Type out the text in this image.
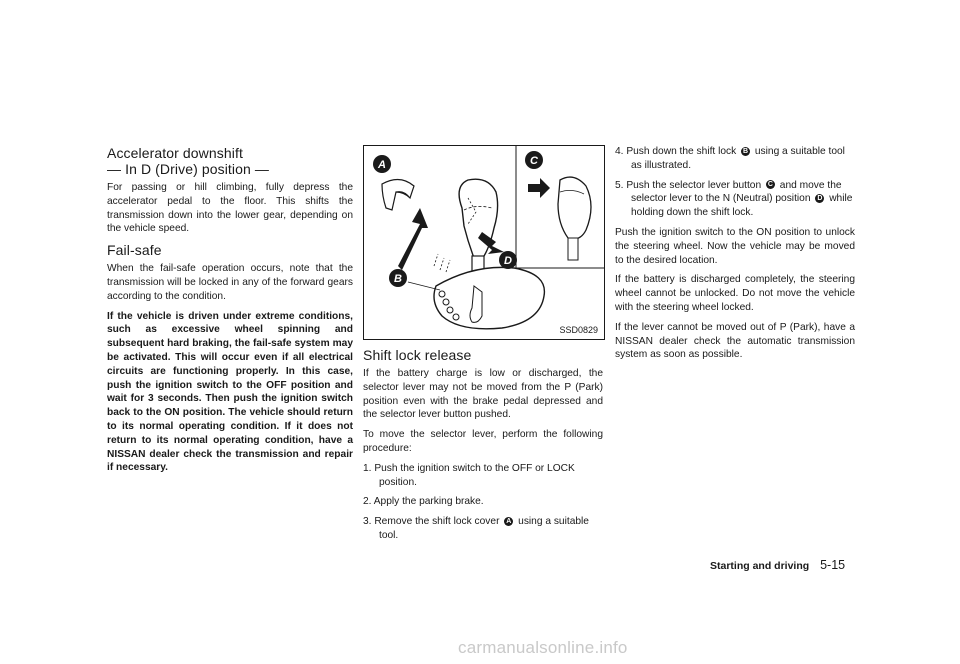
Accelerator downshift
— In D (Drive) position —

For passing or hill climbing, fully depress the accelerator pedal to the floor. This shifts the transmission down into the lower gear, depending on the vehicle speed.

Fail-safe

When the fail-safe operation occurs, note that the transmission will be locked in any of the forward gears according to the condition.

If the vehicle is driven under extreme conditions, such as excessive wheel spinning and subsequent hard braking, the fail-safe system may be activated. This will occur even if all electrical circuits are functioning properly. In this case, push the ignition switch to the OFF position and wait for 3 seconds. Then push the ignition switch back to the ON position. The vehicle should return to its normal operating condition. If it does not return to its normal operating condition, have a NISSAN dealer check the transmission and repair if necessary.

A
B
C
D
SSD0829
Shift lock release

If the battery charge is low or discharged, the selector lever may not be moved from the P (Park) position even with the brake pedal depressed and the selector lever button pushed.

To move the selector lever, perform the following procedure:

1. Push the ignition switch to the OFF or LOCK position.
2. Apply the parking brake.
3. Remove the shift lock cover A using a suitable tool.
4. Push down the shift lock B using a suitable tool as illustrated.
5. Push the selector lever button C and move the selector lever to the N (Neutral) position D while holding down the shift lock.

Push the ignition switch to the ON position to unlock the steering wheel. Now the vehicle may be moved to the desired location.

If the battery is discharged completely, the steering wheel cannot be unlocked. Do not move the vehicle with the steering wheel locked.

If the lever cannot be moved out of P (Park), have a NISSAN dealer check the automatic transmission system as soon as possible.

Starting and driving 5-15
carmanualsonline.info
